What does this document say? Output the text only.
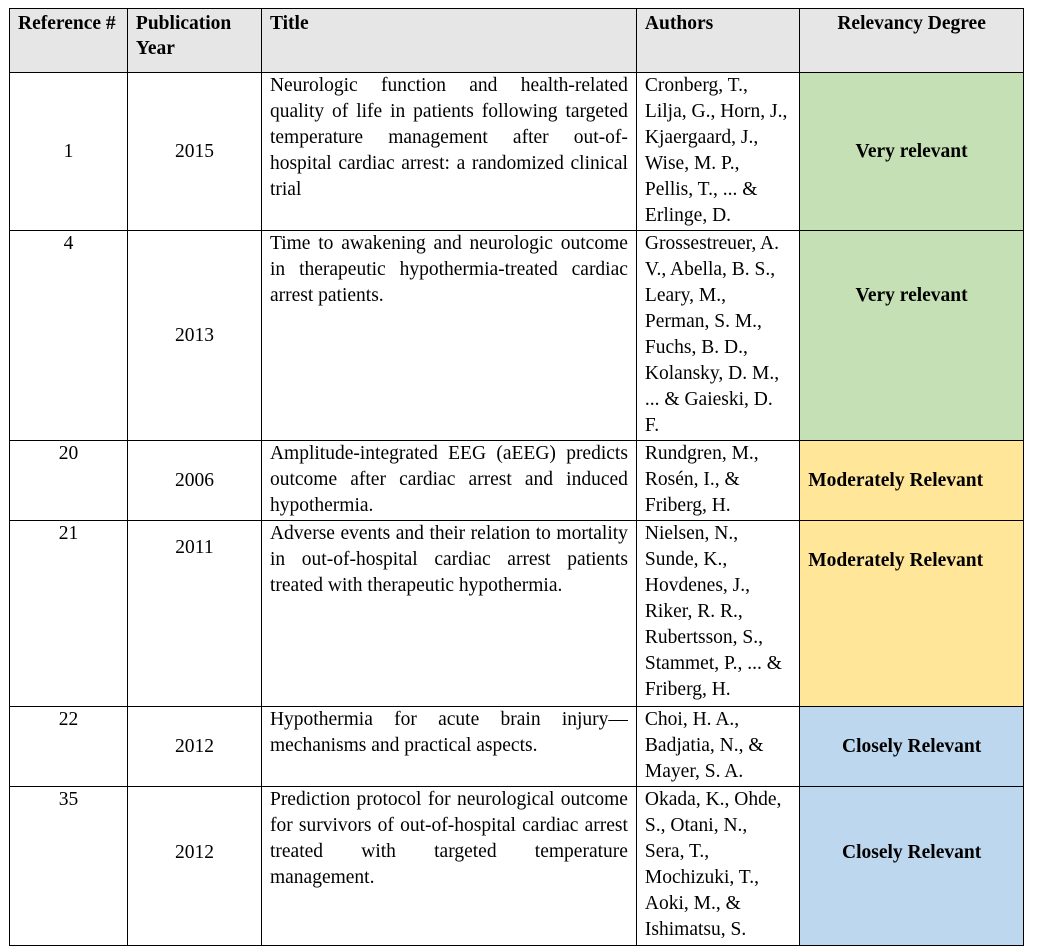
Reference #	Publication Year	Title	Authors	Relevancy Degree
1	2015	Neurologic function and health-related quality of life in patients following targeted temperature management after out-of-hospital cardiac arrest: a randomized clinical trial	Cronberg, T., Lilja, G., Horn, J., Kjaergaard, J., Wise, M. P., Pellis, T., ... & Erlinge, D.	Very relevant
4	2013	Time to awakening and neurologic outcome in therapeutic hypothermia-treated cardiac arrest patients.	Grossestreuer, A. V., Abella, B. S., Leary, M., Perman, S. M., Fuchs, B. D., Kolansky, D. M., ... & Gaieski, D. F.	Very relevant
20	2006	Amplitude-integrated EEG (aEEG) predicts outcome after cardiac arrest and induced hypothermia.	Rundgren, M., Rosén, I., & Friberg, H.	Moderately Relevant
21	2011	Adverse events and their relation to mortality in out-of-hospital cardiac arrest patients treated with therapeutic hypothermia.	Nielsen, N., Sunde, K., Hovdenes, J., Riker, R. R., Rubertsson, S., Stammet, P., ... & Friberg, H.	Moderately Relevant
22	2012	Hypothermia for acute brain injury—mechanisms and practical aspects.	Choi, H. A., Badjatia, N., & Mayer, S. A.	Closely Relevant
35	2012	Prediction protocol for neurological outcome for survivors of out-of-hospital cardiac arrest treated with targeted temperature management.	Okada, K., Ohde, S., Otani, N., Sera, T., Mochizuki, T., Aoki, M., & Ishimatsu, S.	Closely Relevant
